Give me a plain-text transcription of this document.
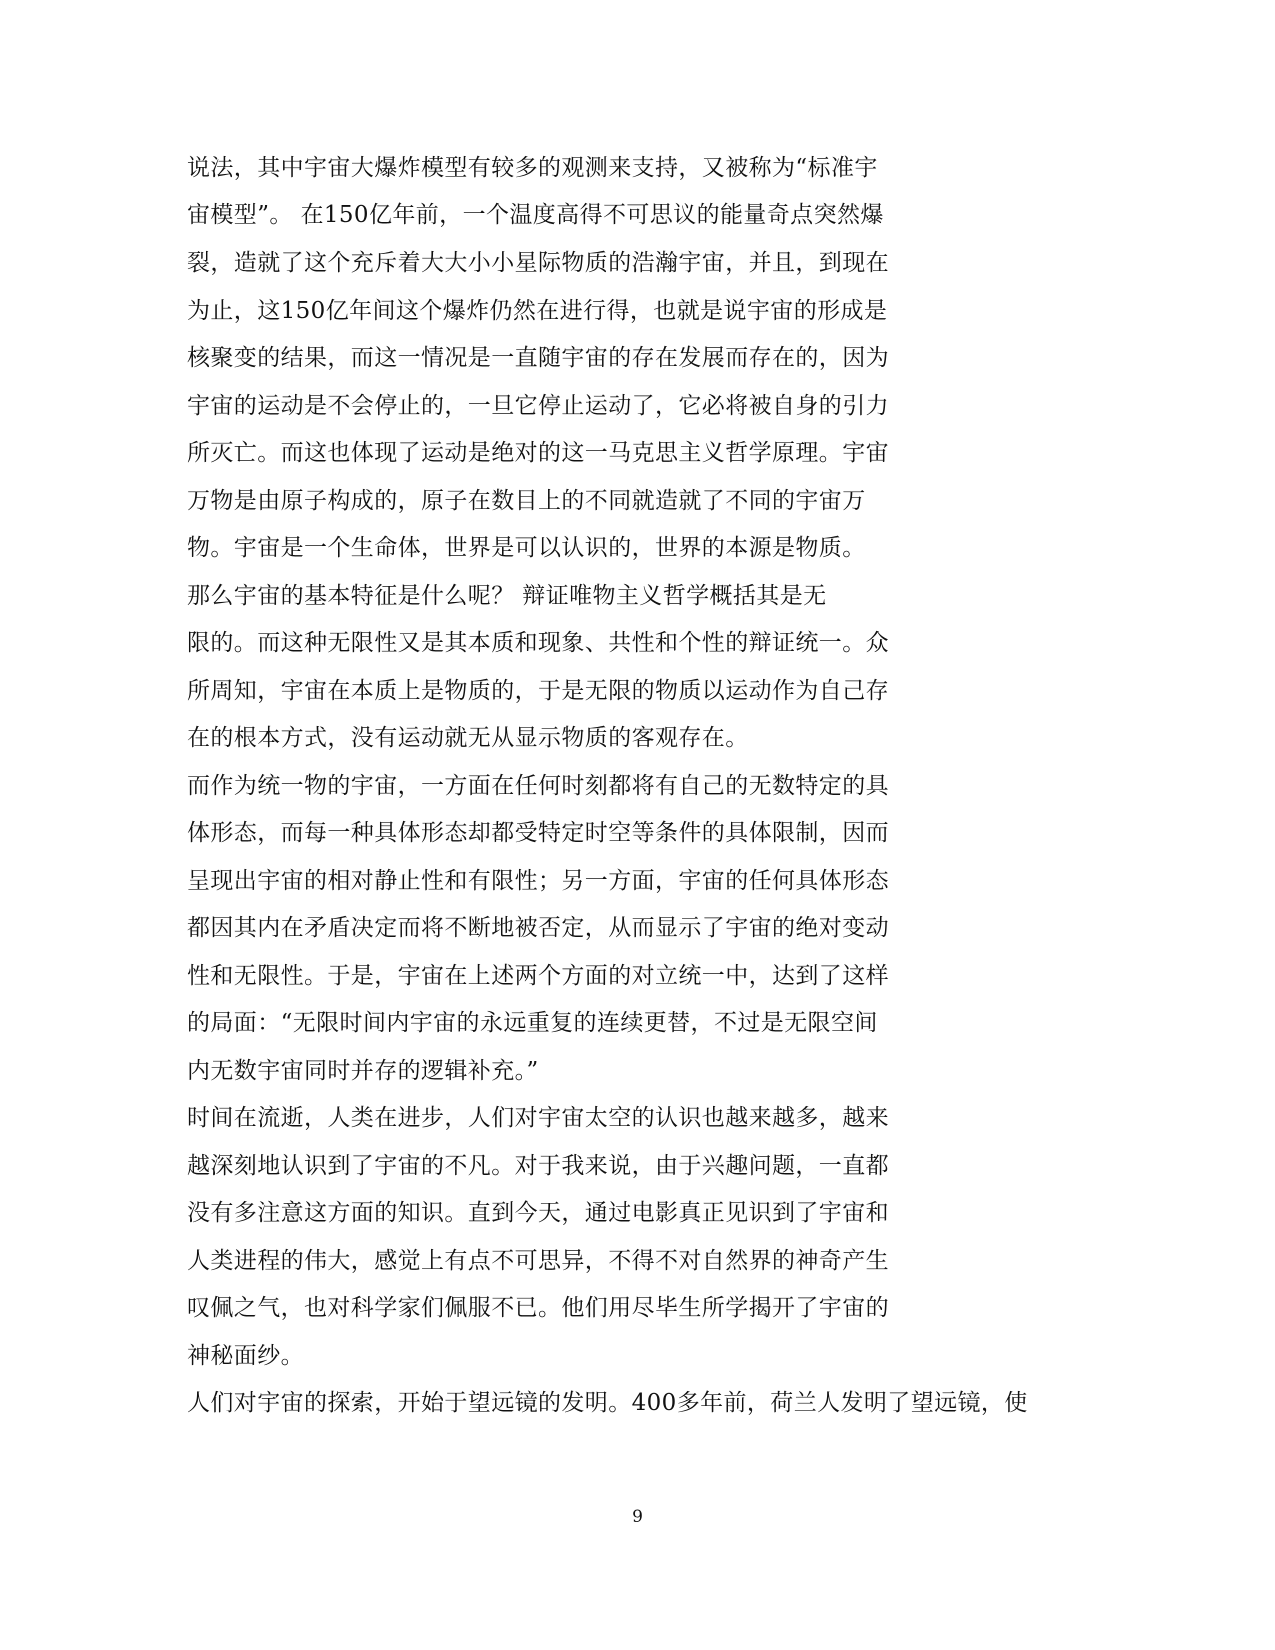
说法，其中宇宙大爆炸模型有较多的观测来支持，又被称为“标准宇
宙模型”。 在150亿年前，一个温度高得不可思议的能量奇点突然爆
裂，造就了这个充斥着大大小小星际物质的浩瀚宇宙，并且，到现在
为止，这150亿年间这个爆炸仍然在进行得，也就是说宇宙的形成是
核聚变的结果，而这一情况是一直随宇宙的存在发展而存在的，因为
宇宙的运动是不会停止的，一旦它停止运动了，它必将被自身的引力
所灭亡。而这也体现了运动是绝对的这一马克思主义哲学原理。宇宙
万物是由原子构成的，原子在数目上的不同就造就了不同的宇宙万
物。宇宙是一个生命体，世界是可以认识的，世界的本源是物质。
那么宇宙的基本特征是什么呢？ 辩证唯物主义哲学概括其是无
限的。而这种无限性又是其本质和现象、共性和个性的辩证统一。众
所周知，宇宙在本质上是物质的，于是无限的物质以运动作为自己存
在的根本方式，没有运动就无从显示物质的客观存在。
而作为统一物的宇宙，一方面在任何时刻都将有自己的无数特定的具
体形态，而每一种具体形态却都受特定时空等条件的具体限制，因而
呈现出宇宙的相对静止性和有限性；另一方面，宇宙的任何具体形态
都因其内在矛盾决定而将不断地被否定，从而显示了宇宙的绝对变动
性和无限性。于是，宇宙在上述两个方面的对立统一中，达到了这样
的局面：“无限时间内宇宙的永远重复的连续更替，不过是无限空间
内无数宇宙同时并存的逻辑补充。”
时间在流逝，人类在进步，人们对宇宙太空的认识也越来越多，越来
越深刻地认识到了宇宙的不凡。对于我来说，由于兴趣问题，一直都
没有多注意这方面的知识。直到今天，通过电影真正见识到了宇宙和
人类进程的伟大，感觉上有点不可思异，不得不对自然界的神奇产生
叹佩之气，也对科学家们佩服不已。他们用尽毕生所学揭开了宇宙的
神秘面纱。
人们对宇宙的探索，开始于望远镜的发明。400多年前，荷兰人发明了望远镜，使
9
